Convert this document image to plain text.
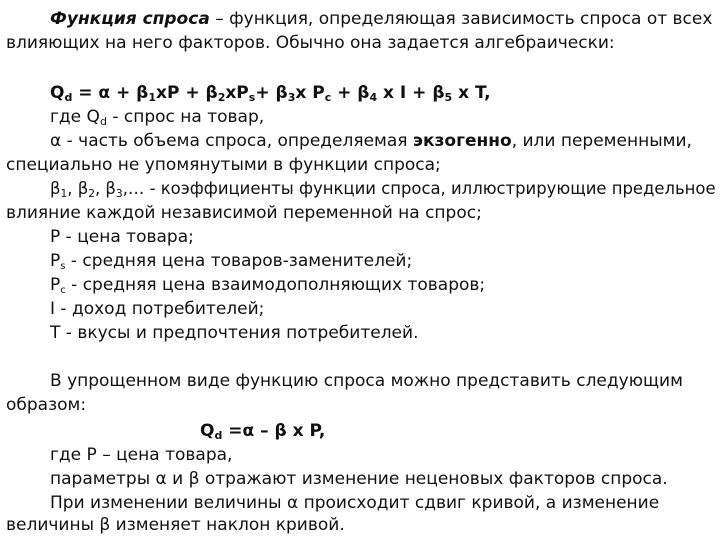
Функция спроса – функция, определяющая зависимость спроса от всех
влияющих на него факторов. Обычно она задается алгебраически:
$Q_d = \alpha + \beta_1xP + \beta_2xP_s+ \beta_3x$ $P_c + \beta_4$ x $I + \beta_5$ x T,
где $Q_d$ - спрос на товар,
α - часть объема спроса, определяемая экзогенно, или переменными,
специально не упомянутыми в функции спроса;
$\beta_1$, $\beta_2$, $\beta_3,\dots$ - коэффициенты функции спроса, иллюстрирующие предельное
влияние каждой независимой переменной на спрос;
P - цена товара;
Ps - средняя цена товаров-заменителей;
Pc - средняя цена взаимодополняющих товаров;
I - доход потребителей;
T - вкусы и предпочтения потребителей.
В упрощенном виде функцию спроса можно представить следующим
образом:
$Q_d =\alpha - \beta$ x P,
где P – цена товара,
параметры α и β отражают изменение неценовых факторов спроса.
При изменении величины α происходит сдвиг кривой, а изменение
величины β изменяет наклон кривой.
